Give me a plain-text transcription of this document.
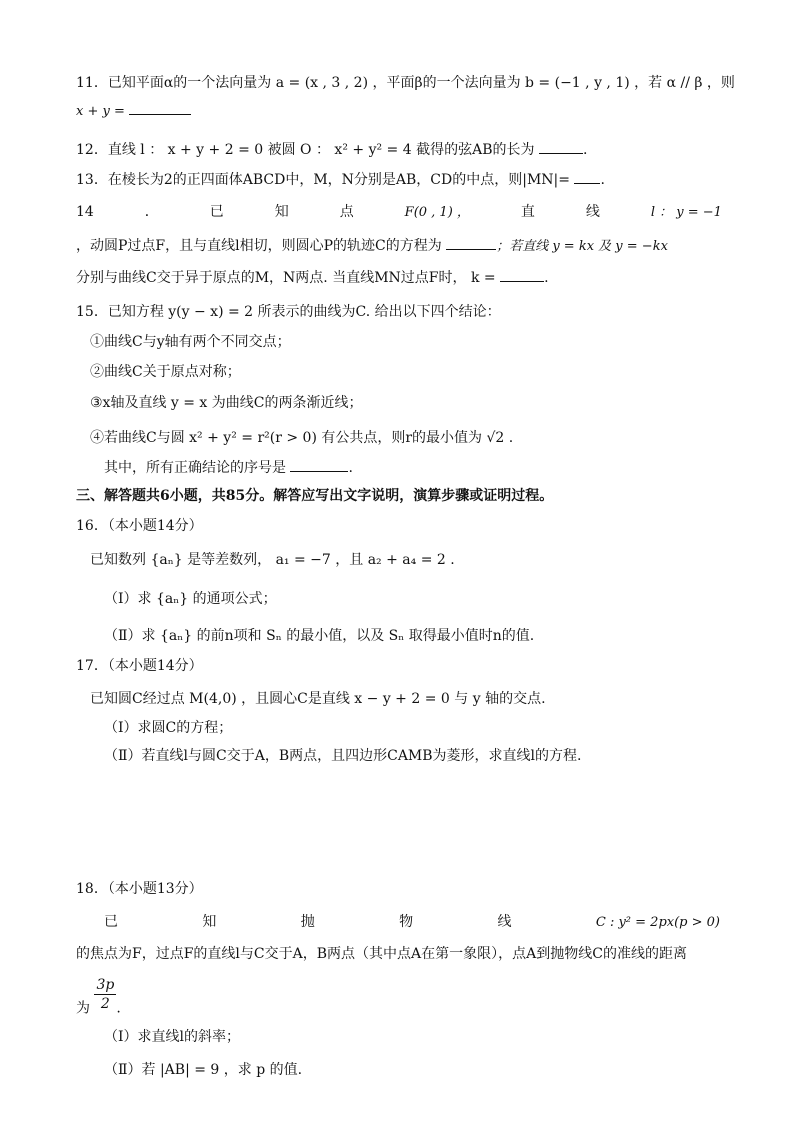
11．已知平面α的一个法向量为 a = (x , 3 , 2) ，平面β的一个法向量为 b = (−1 , y , 1) ，若 α // β ，则
x + y =
12．直线 l ： x + y + 2 = 0 被圆 O ： x² + y² = 4 截得的弦AB的长为	.
13．在棱长为2的正四面体ABCD中，M，N分别是AB，CD的中点，则|MN|= .
14	．	已	知	点	F(0 , 1) ，	直	线	l ： y = −1
，动圆P过点F，且与直线l相切，则圆心P的轨迹C的方程为	；若直线 y = kx 及 y = −kx
分别与曲线C交于异于原点的M，N两点. 当直线MN过点F时， k =	.
15．已知方程 y(y − x) = 2 所表示的曲线为C. 给出以下四个结论：
①曲线C与y轴有两个不同交点；
②曲线C关于原点对称；
③x轴及直线 y = x 为曲线C的两条渐近线；
④若曲线C与圆 x² + y² = r²(r > 0) 有公共点，则r的最小值为 √2 .
其中，所有正确结论的序号是	.
三、解答题共6小题，共85分。解答应写出文字说明，演算步骤或证明过程。
16．（本小题14分）
已知数列 {aₙ} 是等差数列， a₁ = −7 ，且 a₂ + a₄ = 2 .
（Ⅰ）求 {aₙ} 的通项公式；
（Ⅱ）求 {aₙ} 的前n项和 Sₙ 的最小值，以及 Sₙ 取得最小值时n的值.
17．（本小题14分）
已知圆C经过点 M(4,0) ，且圆心C是直线 x − y + 2 = 0 与 y 轴的交点.
（Ⅰ）求圆C的方程；
（Ⅱ）若直线l与圆C交于A，B两点，且四边形CAMB为菱形，求直线l的方程.
18．（本小题13分）
已	知	抛	物	线	C : y² = 2px(p > 0)
的焦点为F，过点F的直线l与C交于A，B两点（其中点A在第一象限），点A到抛物线C的准线的距离
为 $\frac{3p}{2}$ .
（Ⅰ）求直线l的斜率；
（Ⅱ）若 |AB| = 9 ，求 p 的值.
